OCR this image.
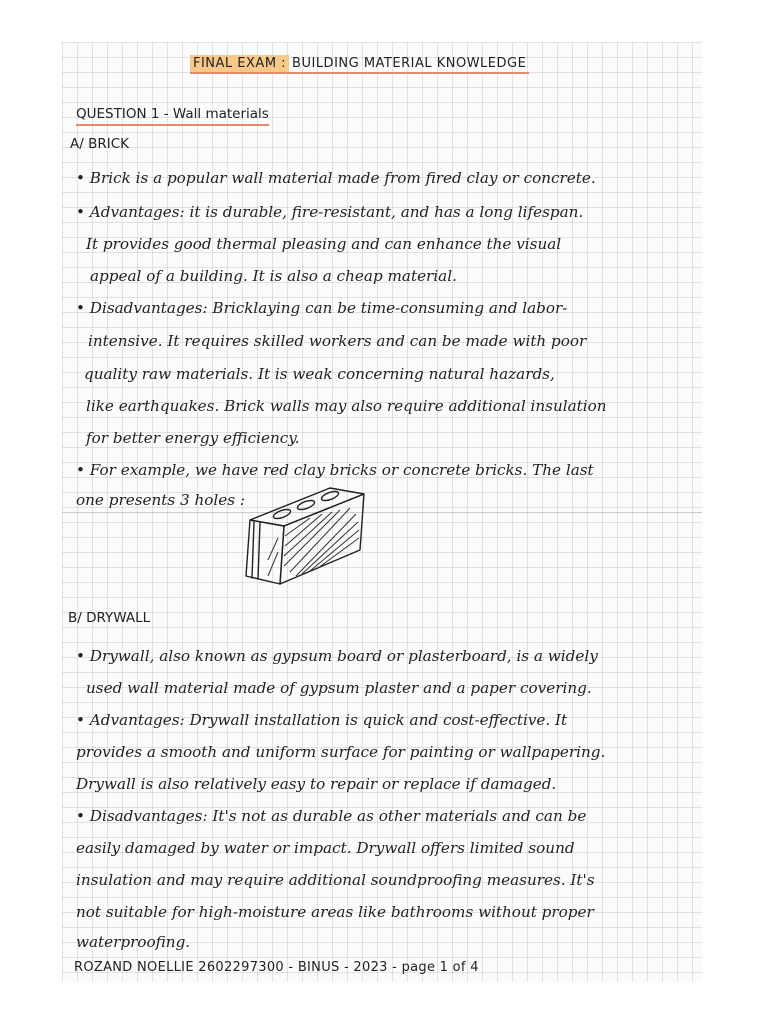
FINAL EXAM : BUILDING MATERIAL KNOWLEDGE
QUESTION 1 - Wall materials
A/ BRICK
• Brick is a popular wall material made from fired clay or concrete.
• Advantages: it is durable, fire-resistant, and has a long lifespan.
It provides good thermal pleasing and can enhance the visual
appeal of a building. It is also a cheap material.
• Disadvantages: Bricklaying can be time-consuming and labor-
intensive. It requires skilled workers and can be made with poor
quality raw materials. It is weak concerning natural hazards,
like earthquakes. Brick walls may also require additional insulation
for better energy efficiency.
• For example, we have red clay bricks or concrete bricks. The last
one presents 3 holes :
B/ DRYWALL
• Drywall, also known as gypsum board or plasterboard, is a widely
used wall material made of gypsum plaster and a paper covering.
• Advantages: Drywall installation is quick and cost-effective. It
provides a smooth and uniform surface for painting or wallpapering.
Drywall is also relatively easy to repair or replace if damaged.
• Disadvantages: It's not as durable as other materials and can be
easily damaged by water or impact. Drywall offers limited sound
insulation and may require additional soundproofing measures. It's
not suitable for high-moisture areas like bathrooms without proper
waterproofing.
ROZAND NOELLIE 2602297300 - BINUS - 2023 - page 1 of 4
